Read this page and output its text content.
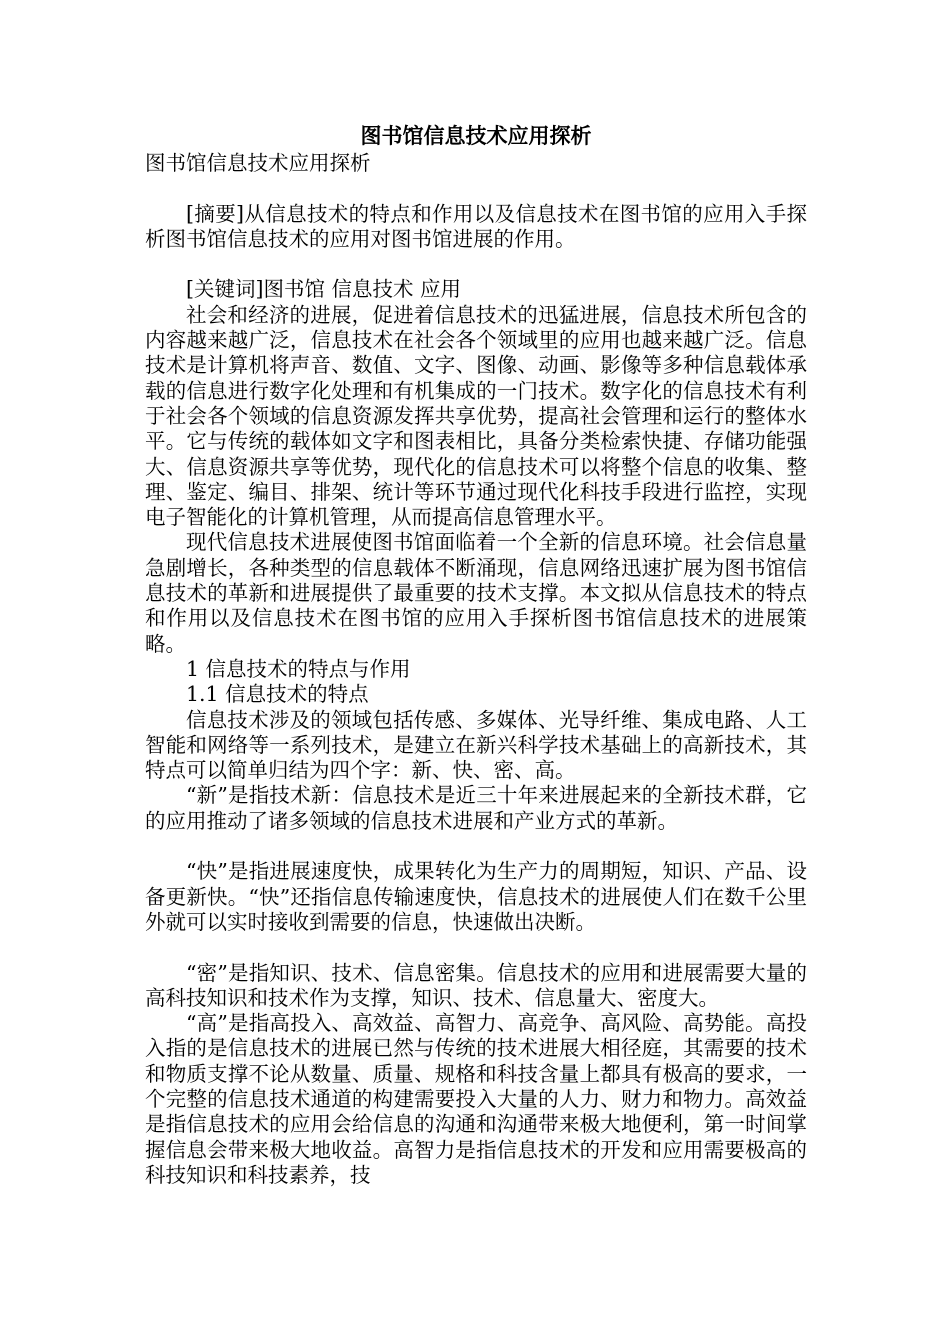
图书馆信息技术应用探析

图书馆信息技术应用探析

[摘要]从信息技术的特点和作用以及信息技术在图书馆的应用入手探析图书馆信息技术的应用对图书馆进展的作用。

[关键词]图书馆 信息技术 应用

社会和经济的进展，促进着信息技术的迅猛进展，信息技术所包含的内容越来越广泛，信息技术在社会各个领域里的应用也越来越广泛。信息技术是计算机将声音、数值、文字、图像、动画、影像等多种信息载体承载的信息进行数字化处理和有机集成的一门技术。数字化的信息技术有利于社会各个领域的信息资源发挥共享优势，提高社会管理和运行的整体水平。它与传统的载体如文字和图表相比，具备分类检索快捷、存储功能强大、信息资源共享等优势，现代化的信息技术可以将整个信息的收集、整理、鉴定、编目、排架、统计等环节通过现代化科技手段进行监控，实现电子智能化的计算机管理，从而提高信息管理水平。

现代信息技术进展使图书馆面临着一个全新的信息环境。社会信息量急剧增长，各种类型的信息载体不断涌现，信息网络迅速扩展为图书馆信息技术的革新和进展提供了最重要的技术支撑。本文拟从信息技术的特点和作用以及信息技术在图书馆的应用入手探析图书馆信息技术的进展策略。

1 信息技术的特点与作用

1.1 信息技术的特点

信息技术涉及的领域包括传感、多媒体、光导纤维、集成电路、人工智能和网络等一系列技术，是建立在新兴科学技术基础上的高新技术，其特点可以简单归结为四个字：新、快、密、高。

“新”是指技术新：信息技术是近三十年来进展起来的全新技术群，它的应用推动了诸多领域的信息技术进展和产业方式的革新。

“快”是指进展速度快，成果转化为生产力的周期短，知识、产品、设备更新快。“快”还指信息传输速度快，信息技术的进展使人们在数千公里外就可以实时接收到需要的信息，快速做出决断。

“密”是指知识、技术、信息密集。信息技术的应用和进展需要大量的高科技知识和技术作为支撑，知识、技术、信息量大、密度大。

“高”是指高投入、高效益、高智力、高竞争、高风险、高势能。高投入指的是信息技术的进展已然与传统的技术进展大相径庭，其需要的技术和物质支撑不论从数量、质量、规格和科技含量上都具有极高的要求，一个完整的信息技术通道的构建需要投入大量的人力、财力和物力。高效益是指信息技术的应用会给信息的沟通和沟通带来极大地便利，第一时间掌握信息会带来极大地收益。高智力是指信息技术的开发和应用需要极高的科技知识和科技素养，技
